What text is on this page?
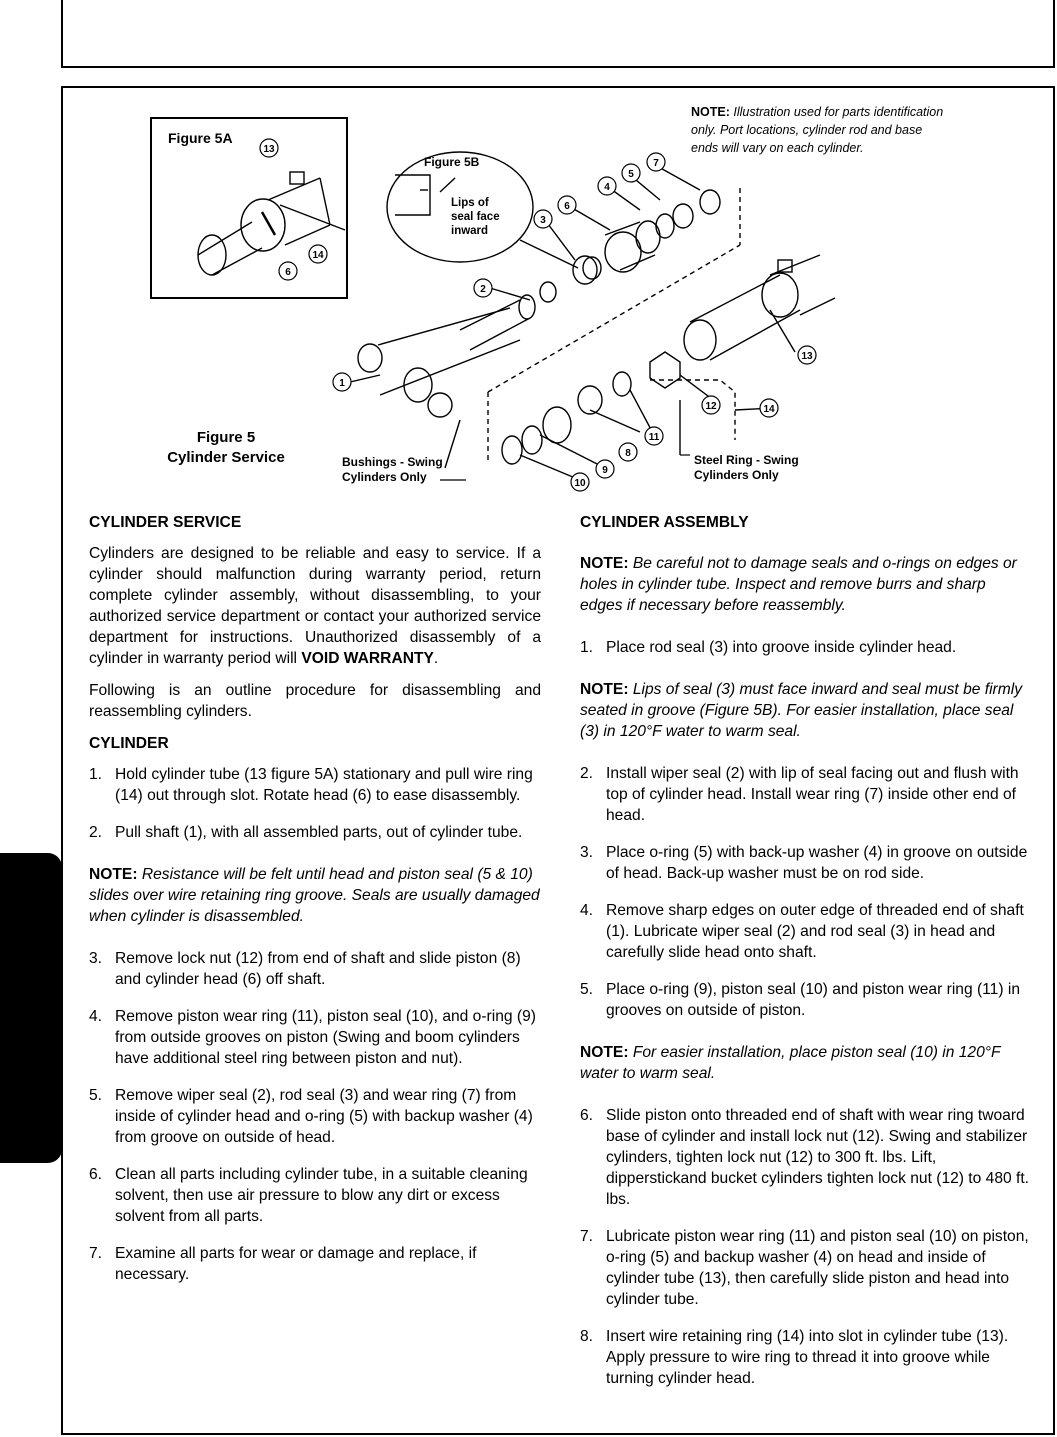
13
6
14
1
2
3
6
4
5
7
10
9
8
11
12
13
14
Figure 5A
Figure 5B
Lips of
seal face
inward
NOTE: Illustration used for parts identification
only. Port locations, cylinder rod and base
ends will vary on each cylinder.
Figure 5
Cylinder Service	Bushings - Swing
Cylinders Only
Steel Ring - Swing
Cylinders Only
CYLINDER SERVICE

Cylinders are designed to be reliable and easy to service. If a cylinder should malfunction during warranty period, return complete cylinder assembly, without disassembling, to your authorized service department or contact your authorized service department for instructions. Unauthorized disassembly of a cylinder in warranty period will VOID WARRANTY.

Following is an outline procedure for disassembling and reassembling cylinders.

CYLINDER
1. Hold cylinder tube (13 figure 5A) stationary and pull wire ring (14) out through slot. Rotate head (6) to ease disassembly.
2. Pull shaft (1), with all assembled parts, out of cylinder tube.

NOTE: Resistance will be felt until head and piston seal (5 & 10) slides over wire retaining ring groove. Seals are usually damaged when cylinder is disassembled.

3. Remove lock nut (12) from end of shaft and slide piston (8) and cylinder head (6) off shaft.
4. Remove piston wear ring (11), piston seal (10), and o-ring (9) from outside grooves on piston (Swing and boom cylinders have additional steel ring between piston and nut).
5. Remove wiper seal (2), rod seal (3) and wear ring (7) from inside of cylinder head and o-ring (5) with backup washer (4) from groove on outside of head.
6. Clean all parts including cylinder tube, in a suitable cleaning solvent, then use air pressure to blow any dirt or excess solvent from all parts.
7. Examine all parts for wear or damage and replace, if necessary.
CYLINDER ASSEMBLY

NOTE: Be careful not to damage seals and o-rings on edges or holes in cylinder tube. Inspect and remove burrs and sharp edges if necessary before reassembly.

1. Place rod seal (3) into groove inside cylinder head.

NOTE: Lips of seal (3) must face inward and seal must be firmly seated in groove (Figure 5B). For easier installation, place seal (3) in 120°F water to warm seal.

2. Install wiper seal (2) with lip of seal facing out and flush with top of cylinder head. Install wear ring (7) inside other end of head.
3. Place o-ring (5) with back-up washer (4) in groove on outside of head. Back-up washer must be on rod side.
4. Remove sharp edges on outer edge of threaded end of shaft (1). Lubricate wiper seal (2) and rod seal (3) in head and carefully slide head onto shaft.
5. Place o-ring (9), piston seal (10) and piston wear ring (11) in grooves on outside of piston.

NOTE: For easier installation, place piston seal (10) in 120°F water to warm seal.

6. Slide piston onto threaded end of shaft with wear ring twoard base of cylinder and install lock nut (12). Swing and stabilizer cylinders, tighten lock nut (12) to 300 ft. lbs. Lift, dipperstickand bucket cylinders tighten lock nut (12) to 480 ft. lbs.
7. Lubricate piston wear ring (11) and piston seal (10) on piston, o-ring (5) and backup washer (4) on head and inside of cylinder tube (13), then carefully slide piston and head into cylinder tube.
8. Insert wire retaining ring (14) into slot in cylinder tube (13). Apply pressure to wire ring to thread it into groove while turning cylinder head.
